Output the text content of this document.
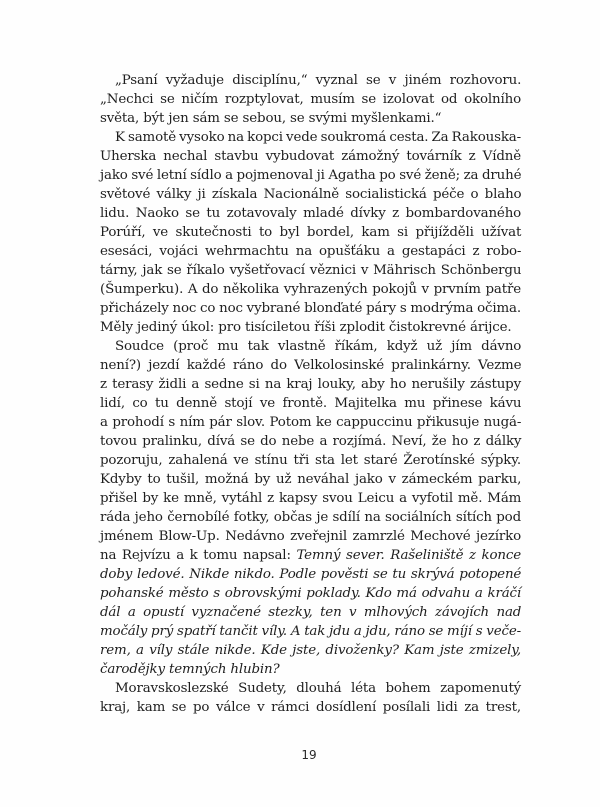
„Psaní vyžaduje disciplínu,“ vyznal se v jiném rozhovoru.
„Nechci se ničím rozptylovat, musím se izolovat od okolního
světa, být jen sám se sebou, se svými myšlenkami.“
K samotě vysoko na kopci vede soukromá cesta. Za Rakouska-
Uherska nechal stavbu vybudovat zámožný továrník z Vídně
jako své letní sídlo a pojmenoval ji Agatha po své ženě; za druhé
světové války ji získala Nacionálně socialistická péče o blaho
lidu. Naoko se tu zotavovaly mladé dívky z bombardovaného
Porúří, ve skutečnosti to byl bordel, kam si přijížděli užívat
esesáci, vojáci wehrmachtu na opušťáku a gestapáci z robo-
tárny, jak se říkalo vyšetřovací věznici v Mährisch Schönbergu
(Šumperku). A do několika vyhrazených pokojů v prvním patře
přicházely noc co noc vybrané blonďaté páry s modrýma očima.
Měly jediný úkol: pro tisíciletou říši zplodit čistokrevné árijce.
Soudce (proč mu tak vlastně říkám, když už jím dávno
není?) jezdí každé ráno do Velkolosinské pralinkárny. Vezme
z terasy židli a sedne si na kraj louky, aby ho nerušily zástupy
lidí, co tu denně stojí ve frontě. Majitelka mu přinese kávu
a prohodí s ním pár slov. Potom ke cappuccinu přikusuje nugá-
tovou pralinku, dívá se do nebe a rozjímá. Neví, že ho z dálky
pozoruju, zahalená ve stínu tři sta let staré Žerotínské sýpky.
Kdyby to tušil, možná by už neváhal jako v zámeckém parku,
přišel by ke mně, vytáhl z kapsy svou Leicu a vyfotil mě. Mám
ráda jeho černobílé fotky, občas je sdílí na sociálních sítích pod
jménem Blow-Up. Nedávno zveřejnil zamrzlé Mechové jezírko
na Rejvízu a k tomu napsal: Temný sever. Rašeliniště z konce
doby ledové. Nikde nikdo. Podle pověsti se tu skrývá potopené
pohanské město s obrovskými poklady. Kdo má odvahu a kráčí
dál a opustí vyznačené stezky, ten v mlhových závojích nad
močály prý spatří tančit víly. A tak jdu a jdu, ráno se míjí s veče-
rem, a víly stále nikde. Kde jste, divoženky? Kam jste zmizely,
čarodějky temných hlubin?
Moravskoslezské Sudety, dlouhá léta bohem zapomenutý
kraj, kam se po válce v rámci dosídlení posílali lidi za trest,
19
